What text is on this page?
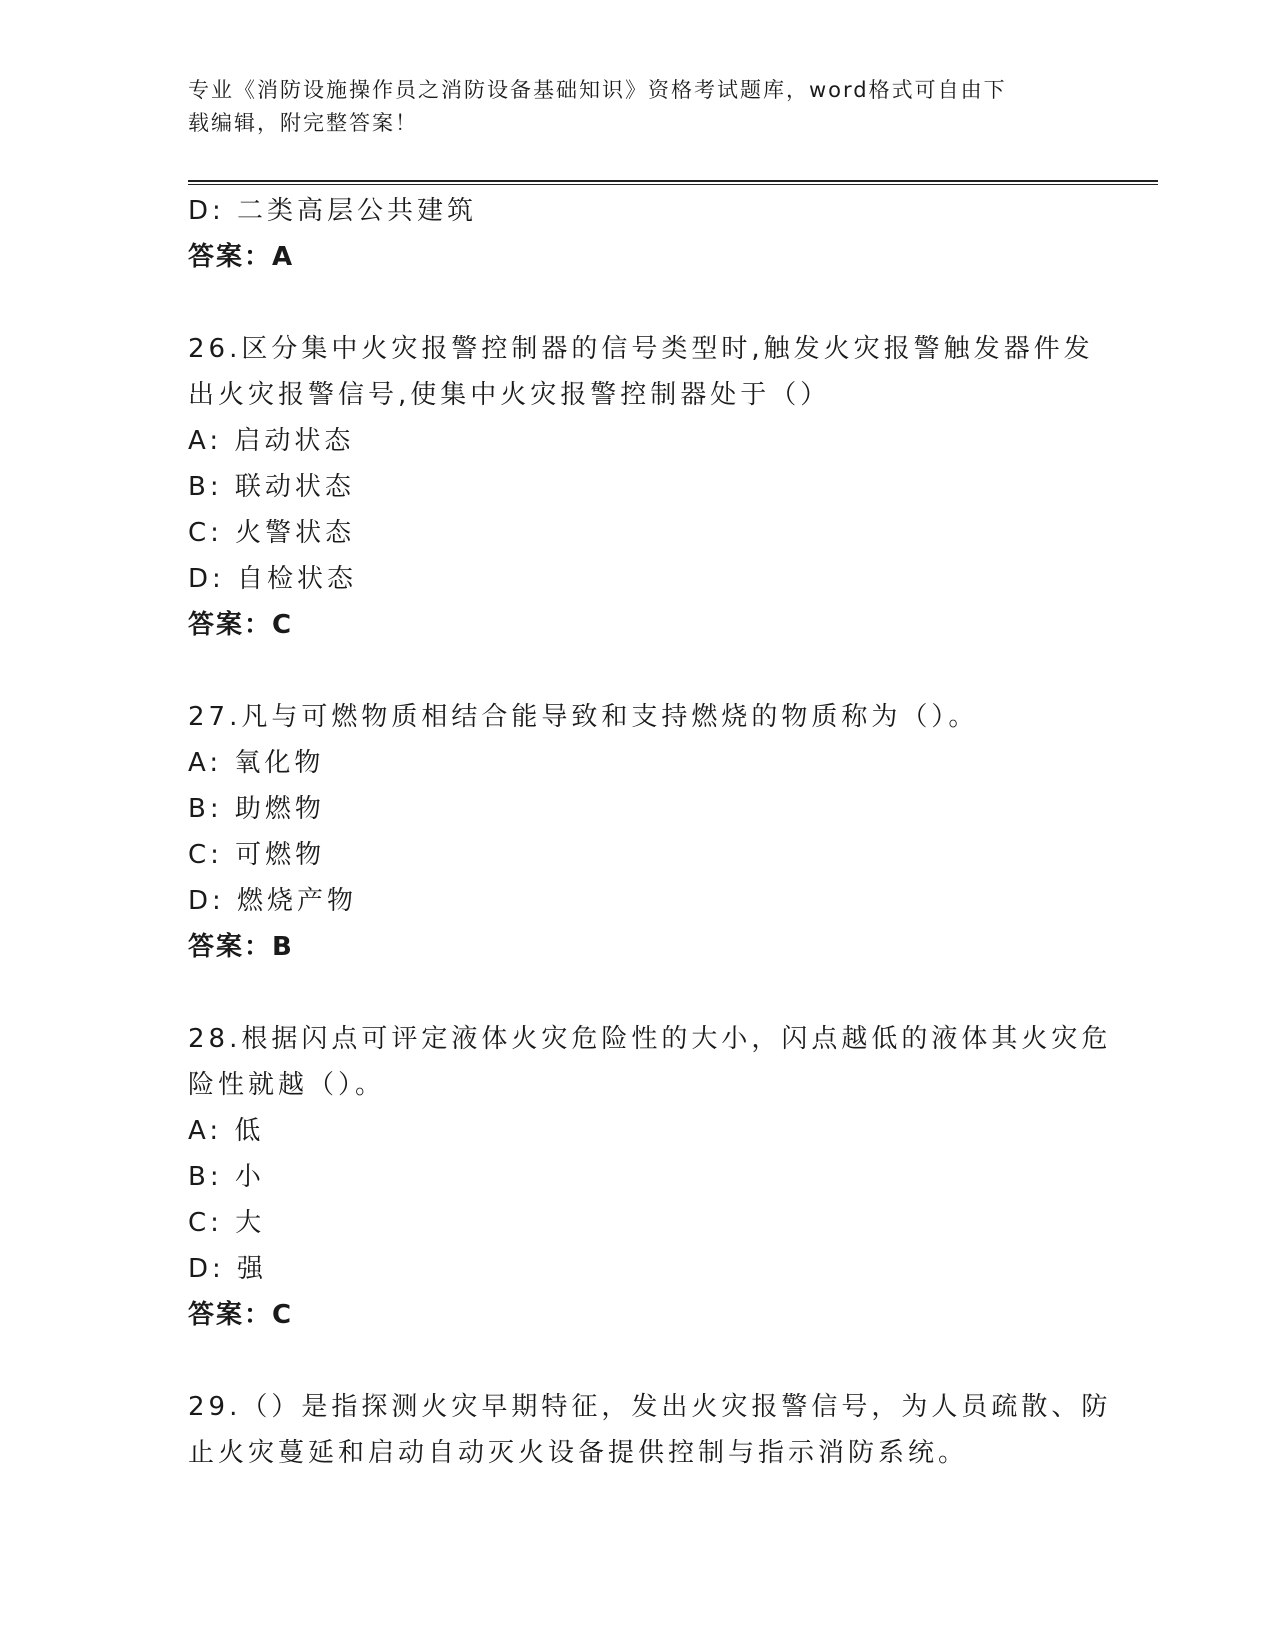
专业《消防设施操作员之消防设备基础知识》资格考试题库，word格式可自由下
载编辑，附完整答案！
D: 二类高层公共建筑
答案：A
26.区分集中火灾报警控制器的信号类型时,触发火灾报警触发器件发
出火灾报警信号,使集中火灾报警控制器处于（）
A: 启动状态
B: 联动状态
C: 火警状态
D: 自检状态
答案：C
27.凡与可燃物质相结合能导致和支持燃烧的物质称为（）。
A: 氧化物
B: 助燃物
C: 可燃物
D: 燃烧产物
答案：B
28.根据闪点可评定液体火灾危险性的大小，闪点越低的液体其火灾危
险性就越（）。
A: 低
B: 小
C: 大
D: 强
答案：C
29.（）是指探测火灾早期特征，发出火灾报警信号，为人员疏散、防
止火灾蔓延和启动自动灭火设备提供控制与指示消防系统。
